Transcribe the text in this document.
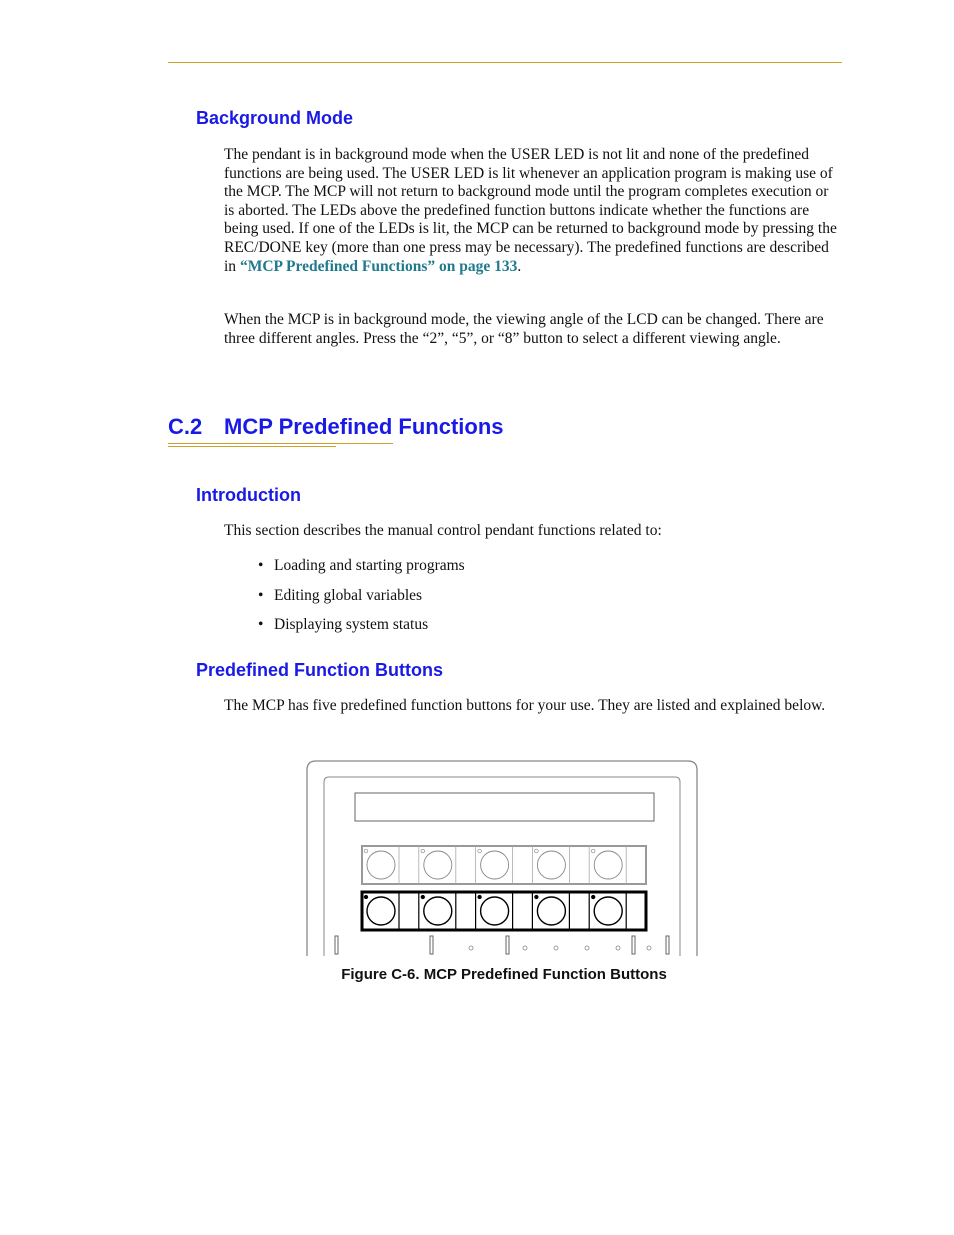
Background Mode

The pendant is in background mode when the USER LED is not lit and none of the predefined functions are being used. The USER LED is lit whenever an application program is making use of the MCP. The MCP will not return to background mode until the program completes execution or is aborted. The LEDs above the predefined function buttons indicate whether the functions are being used. If one of the LEDs is lit, the MCP can be returned to background mode by pressing the REC/DONE key (more than one press may be necessary). The predefined functions are described in “MCP Predefined Functions” on page 133.

When the MCP is in background mode, the viewing angle of the LCD can be changed. There are three different angles. Press the “2”, “5”, or “8” button to select a different viewing angle.

C.2 MCP Predefined Functions
Introduction

This section describes the manual control pendant functions related to:

• Loading and starting programs
• Editing global variables
• Displaying system status
Predefined Function Buttons

The MCP has five predefined function buttons for your use. They are listed and explained below.

Figure C-6. MCP Predefined Function Buttons
